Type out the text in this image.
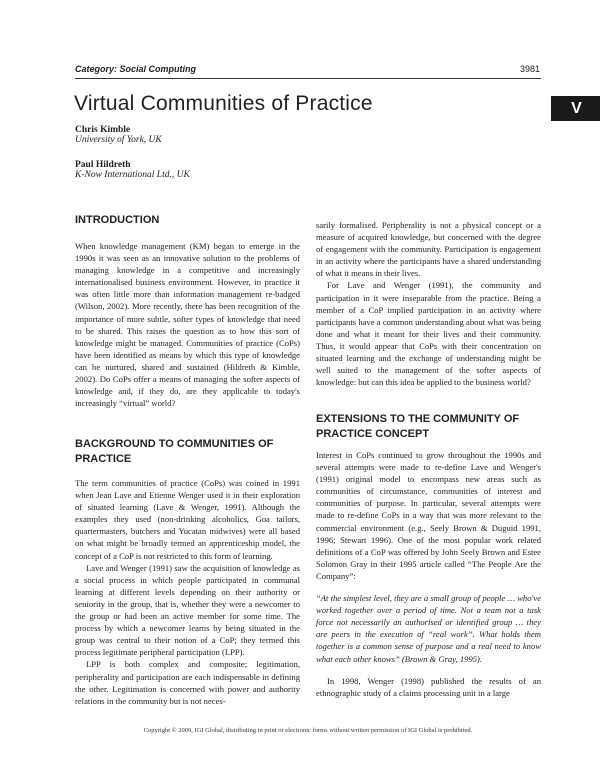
Category: Social Computing	3981
Virtual Communities of Practice	V
Chris Kimble
University of York, UK
Paul Hildreth
K-Now International Ltd., UK
INTRODUCTION

When knowledge management (KM) began to emerge in the 1990s it was seen as an innovative solution to the problems of managing knowledge in a competitive and increasingly internationalised business environment. However, in practice it was often little more than information management re-badged (Wilson, 2002). More recently, there has been recognition of the importance of more subtle, softer types of knowledge that need to be shared. This raises the question as to how this sort of knowledge might be managed. Communities of practice (CoPs) have been identified as means by which this type of knowledge can be nurtured, shared and sustained (Hildreth & Kimble, 2002). Do CoPs offer a means of managing the softer aspects of knowledge and, if they do, are they applicable to today's increasingly “virtual” world?

BACKGROUND TO COMMUNITIES OF PRACTICE

The term communities of practice (CoPs) was coined in 1991 when Jean Lave and Etienne Wenger used it in their exploration of situated learning (Lave & Wenger, 1991). Although the examples they used (non-drinking alcoholics, Goa tailors, quartermasters, butchers and Yucatan midwives) were all based on what might be broadly termed an apprenticeship model, the concept of a CoP is not restricted to this form of learning.

Lave and Wenger (1991) saw the acquisition of knowledge as a social process in which people participated in communal learning at different levels depending on their authority or seniority in the group, that is, whether they were a newcomer to the group or had been an active member for some time. The process by which a newcomer learns by being situated in the group was central to their notion of a CoP; they termed this process legitimate peripheral participation (LPP).

LPP is both complex and composite; legitimation, peripherality and participation are each indispensable in defining the other. Legitimation is concerned with power and authority relations in the community but is not neces-

sarily formalised. Peripherality is not a physical concept or a measure of acquired knowledge, but concerned with the degree of engagement with the community. Participation is engagement in an activity where the participants have a shared understanding of what it means in their lives.

For Lave and Wenger (1991), the community and participation in it were inseparable from the practice. Being a member of a CoP implied participation in an activity where participants have a common understanding about what was being done and what it meant for their lives and their community. Thus, it would appear that CoPs with their concentration on situated learning and the exchange of understanding might be well suited to the management of the softer aspects of knowledge: but can this idea be applied to the business world?

EXTENSIONS TO THE COMMUNITY OF PRACTICE CONCEPT

Interest in CoPs continued to grow throughout the 1990s and several attempts were made to re-define Lave and Wenger's (1991) original model to encompass new areas such as communities of circumstance, communities of interest and communities of purpose. In particular, several attempts were made to re-define CoPs in a way that was more relevant to the commercial environment (e.g., Seely Brown & Duguid 1991, 1996; Stewart 1996). One of the most popular work related definitions of a CoP was offered by John Seely Brown and Estee Solomon Gray in their 1995 article called “The People Are the Company”:

“At the simplest level, they are a small group of people … who've worked together over a period of time. Not a team not a task force not necessarily an authorised or identified group … they are peers in the execution of “real work”. What holds them together is a common sense of purpose and a real need to know what each other knows” (Brown & Gray, 1995).

In 1998, Wenger (1998) published the results of an ethnographic study of a claims processing unit in a large

Copyright © 2009, IGI Global, distributing in print or electronic forms without written permission of IGI Global is prohibited.
